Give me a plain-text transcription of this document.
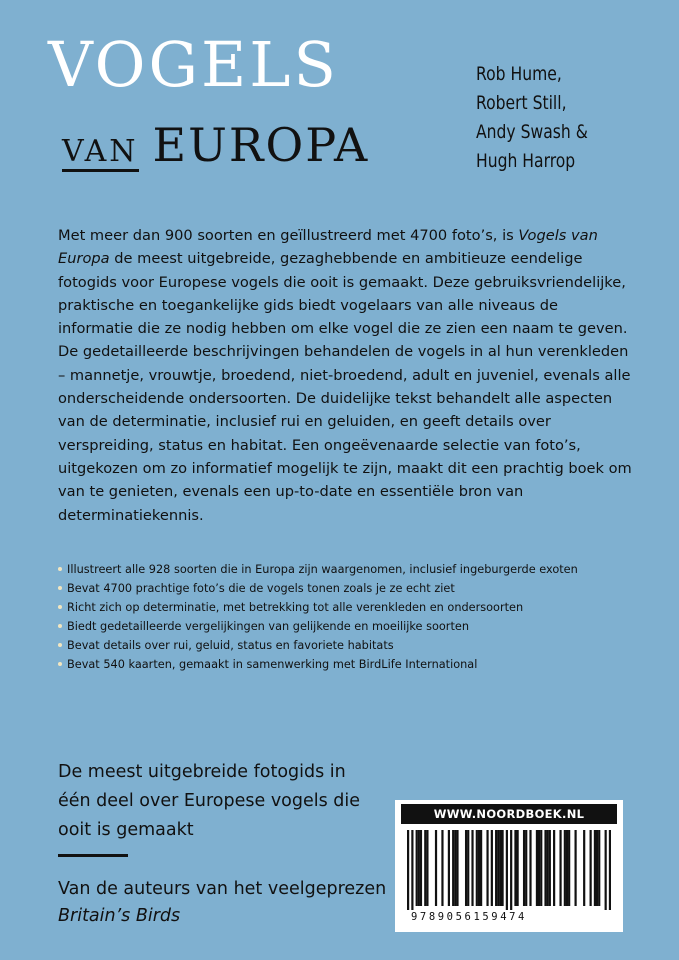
VOGELS
VAN EUROPA
Rob Hume,
Robert Still,
Andy Swash &
Hugh Harrop

Met meer dan 900 soorten en geïllustreerd met 4700 foto’s, is Vogels van Europa de meest uitgebreide, gezaghebbende en ambitieuze eendelige fotogids voor Europese vogels die ooit is gemaakt. Deze gebruiksvriendelijke, praktische en toegankelijke gids biedt vogelaars van alle niveaus de informatie die ze nodig hebben om elke vogel die ze zien een naam te geven. De gedetailleerde beschrijvingen behandelen de vogels in al hun verenkleden – mannetje, vrouwtje, broedend, niet-broedend, adult en juveniel, evenals alle onderscheidende ondersoorten. De duidelijke tekst behandelt alle aspecten van de determinatie, inclusief rui en geluiden, en geeft details over verspreiding, status en habitat. Een ongeëvenaarde selectie van foto’s, uitgekozen om zo informatief mogelijk te zijn, maakt dit een prachtig boek om van te genieten, evenals een up-to-date en essentiële bron van determinatiekennis.

Illustreert alle 928 soorten die in Europa zijn waargenomen, inclusief ingeburgerde exoten
Bevat 4700 prachtige foto’s die de vogels tonen zoals je ze echt ziet
Richt zich op determinatie, met betrekking tot alle verenkleden en ondersoorten
Biedt gedetailleerde vergelijkingen van gelijkende en moeilijke soorten
Bevat details over rui, geluid, status en favoriete habitats
Bevat 540 kaarten, gemaakt in samenwerking met BirdLife International

De meest uitgebreide fotogids in één deel over Europese vogels die ooit is gemaakt

Van de auteurs van het veelgeprezen Britain’s Birds

WWW.NOORDBOEK.NL
9789056159474
